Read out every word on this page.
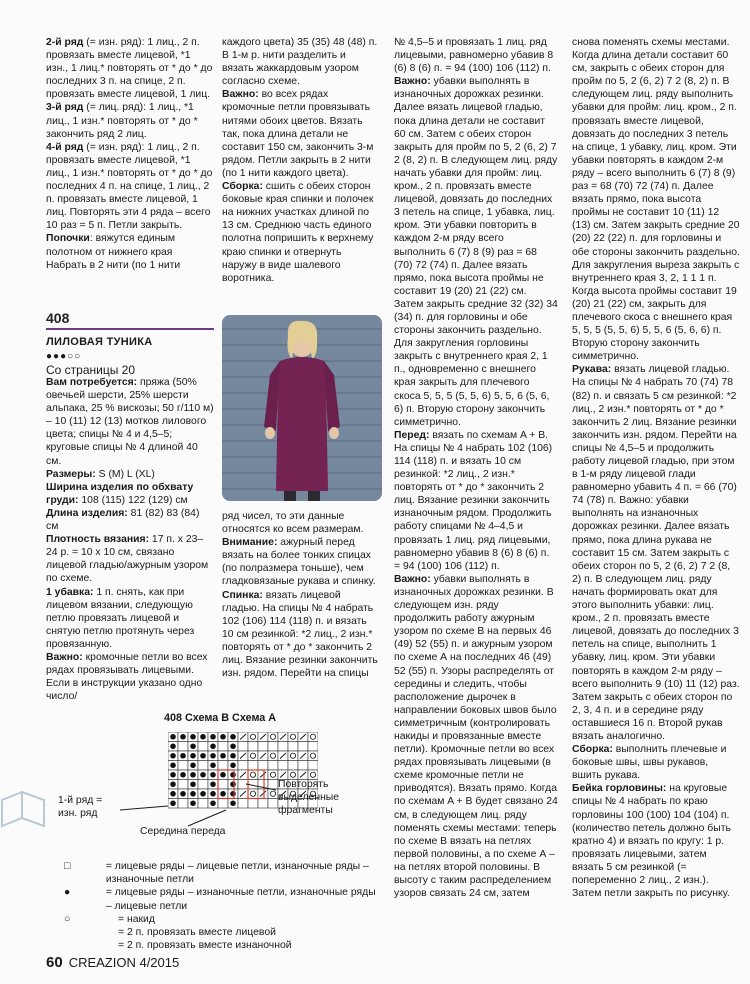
2-й ряд (= изн. ряд): 1 лиц., 2 п. провязать вместе лицевой, *1 изн., 1 лиц.* повторять от * до * до последних 3 п. на спице, 2 п. провязать вместе лицевой, 1 лиц.

3-й ряд (= лиц. ряд): 1 лиц., *1 лиц., 1 изн.* повторять от * до * закончить ряд 2 лиц.

4-й ряд (= изн. ряд): 1 лиц., 2 п. провязать вместе лицевой, *1 лиц., 1 изн.* повторять от * до * до последних 4 п. на спице, 1 лиц., 2 п. провязать вместе лицевой, 1 лиц. Повторять эти 4 ряда – всего 10 раз = 5 п. Петли закрыть.

Попочки: вяжутся единым полотном от нижнего края Набрать в 2 нити (по 1 нити

каждого цвета) 35 (35) 48 (48) п. В 1-м р. нити разделить и вязать жаккардовым узором согласно схеме.

Важно: во всех рядах кромочные петли провязывать нитями обоих цветов. Вязать так, пока длина детали не составит 150 см, закончить 3-м рядом. Петли закрыть в 2 нити (по 1 нити каждого цвета).

Сборка: сшить с обеих сторон боковые края спинки и полочек на нижних участках длиной по 13 см. Среднюю часть единого полотна попришить к верхнему краю спинки и отвернуть наружу в виде шалевого воротника.

№ 4,5–5 и провязать 1 лиц. ряд лицевыми, равномерно убавив 8 (6) 8 (6) п. = 94 (100) 106 (112) п.

Важно: убавки выполнять в изнаночных дорожках резинки. Далее вязать лицевой гладью, пока длина детали не составит 60 см. Затем с обеих сторон закрыть для пройм по 5, 2 (6, 2) 7 2 (8, 2) п. В следующем лиц. ряду начать убавки для пройм: лиц. кром., 2 п. провязать вместе лицевой, довязать до последних 3 петель на спице, 1 убавка, лиц. кром. Эти убавки повторить в каждом 2-м ряду всего выполнить 6 (7) 8 (9) раз = 68 (70) 72 (74) п. Далее вязать прямо, пока высота проймы не составит 19 (20) 21 (22) см. Затем закрыть средние 32 (32) 34 (34) п. для горловины и обе стороны закончить раздельно. Для закругления горловины закрыть с внутреннего края 2, 1 п., одновременно с внешнего края закрыть для плечевого скоса 5, 5, 5 (5, 5, 6) 5, 5, 6 (5, 6, 6) п. Вторую сторону закончить симметрично.

Перед: вязать по схемам A + B. На спицы № 4 набрать 102 (106) 114 (118) п. и вязать 10 см резинкой: *2 лиц., 2 изн.* повторять от * до * закончить 2 лиц. Вязание резинки закончить изнаночным рядом. Продолжить работу спицами № 4–4,5 и провязать 1 лиц. ряд лицевыми, равномерно убавив 8 (6) 8 (6) п. = 94 (100) 106 (112) п.

Важно: убавки выполнять в изнаночных дорожках резинки. В следующем изн. ряду продолжить работу ажурным узором по схеме В на первых 46 (49) 52 (55) п. и ажурным узором по схеме А на последних 46 (49) 52 (55) п. Узоры распределять от середины и следить, чтобы расположение дырочек в направлении боковых швов было симметричным (контролировать накиды и провязанные вместе петли). Кромочные петли во всех рядах провязывать лицевыми (в схеме кромочные петли не приводятся). Вязать прямо. Когда по схемам A + B будет связано 24 см, в следующем лиц. ряду поменять схемы местами: теперь по схеме В вязать на петлях первой половины, а по схеме А – на петлях второй половины. В высоту с таким распределением узоров связать 24 см, затем

снова поменять схемы местами. Когда длина детали составит 60 см, закрыть с обеих сторон для пройм по 5, 2 (6, 2) 7 2 (8, 2) п. В следующем лиц. ряду выполнить убавки для пройм: лиц. кром., 2 п. провязать вместе лицевой, довязать до последних 3 петель на спице, 1 убавку, лиц. кром. Эти убавки повторять в каждом 2-м ряду – всего выполнить 6 (7) 8 (9) раз = 68 (70) 72 (74) п. Далее вязать прямо, пока высота проймы не составит 10 (11) 12 (13) см. Затем закрыть средние 20 (20) 22 (22) п. для горловины и обе стороны закончить раздельно. Для закругления выреза закрыть с внутреннего края 3, 2, 1 1 1 п. Когда высота проймы составит 19 (20) 21 (22) см, закрыть для плечевого скоса с внешнего края 5, 5, 5 (5, 5, 6) 5, 5, 6 (5, 6, 6) п. Вторую сторону закончить симметрично.

Рукава: вязать лицевой гладью. На спицы № 4 набрать 70 (74) 78 (82) п. и связать 5 см резинкой: *2 лиц., 2 изн.* повторять от * до * закончить 2 лиц. Вязание резинки закончить изн. рядом. Перейти на спицы № 4,5–5 и продолжить работу лицевой гладью, при этом в 1-м ряду лицевой глади равномерно убавить 4 п. = 66 (70) 74 (78) п. Важно: убавки выполнять на изнаночных дорожках резинки. Далее вязать прямо, пока длина рукава не составит 15 см. Затем закрыть с обеих сторон по 5, 2 (6, 2) 7 2 (8, 2) п. В следующем лиц. ряду начать формировать окат для этого выполнить убавки: лиц. кром., 2 п. провязать вместе лицевой, довязать до последних 3 петель на спице, выполнить 1 убавку, лиц. кром. Эти убавки повторять в каждом 2-м ряду – всего выполнить 9 (10) 11 (12) раз. Затем закрыть с обеих сторон по 2, 3, 4 п. и в середине ряду оставшиеся 16 п. Второй рукав вязать аналогично.

Сборка: выполнить плечевые и боковые швы, швы рукавов, вшить рукава.

Бейка горловины: на круговые спицы № 4 набрать по краю горловины 100 (100) 104 (104) п. (количество петель должно быть кратно 4) и вязать по кругу: 1 р. провязать лицевыми, затем вязать 5 см резинкой (= попеременно 2 лиц., 2 изн.). Затем петли закрыть по рисунку.

408
ЛИЛОВАЯ ТУНИКА
●●●○○
Со страницы 20

Вам потребуется: пряжа (50% овечьей шерсти, 25% шерсти альпака, 25 % вискозы; 50 г/110 м) – 10 (11) 12 (13) мотков лилового цвета; спицы № 4 и 4,5–5; круговые спицы № 4 длиной 40 см.

Размеры: S (M) L (XL)

Ширина изделия по обхвату груди: 108 (115) 122 (129) см

Длина изделия: 81 (82) 83 (84) см

Плотность вязания: 17 п. х 23–24 р. = 10 х 10 см, связано лицевой гладью/ажурным узором по схеме.

1 убавка: 1 п. снять, как при лицевом вязании, следующую петлю провязать лицевой и снятую петлю протянуть через провязанную.

Важно: кромочные петли во всех рядах провязывать лицевыми. Если в инструкции указано одно число/

ряд чисел, то эти данные относятся ко всем размерам.

Внимание: ажурный перед вязать на более тонких спицах (по полразмера тоньше), чем гладковязаные рукава и спинку.

Спинка: вязать лицевой гладью. На спицы № 4 набрать 102 (106) 114 (118) п. и вязать 10 см резинкой: *2 лиц., 2 изн.* повторять от * до * закончить 2 лиц. Вязание резинки закончить изн. рядом. Перейти на спицы

408 Схема В Схема А
1-й ряд =
изн. ряд
Повторять
выделенные
фрагменты
Середина переда
□	= лицевые ряды – лицевые петли, изнаночные ряды – изнаночные петли
●	= лицевые ряды – изнаночные петли, изнаночные ряды – лицевые петли
○	= накид
= 2 п. провязать вместе лицевой
= 2 п. провязать вместе изнаночной
60 CREAZION 4/2015
